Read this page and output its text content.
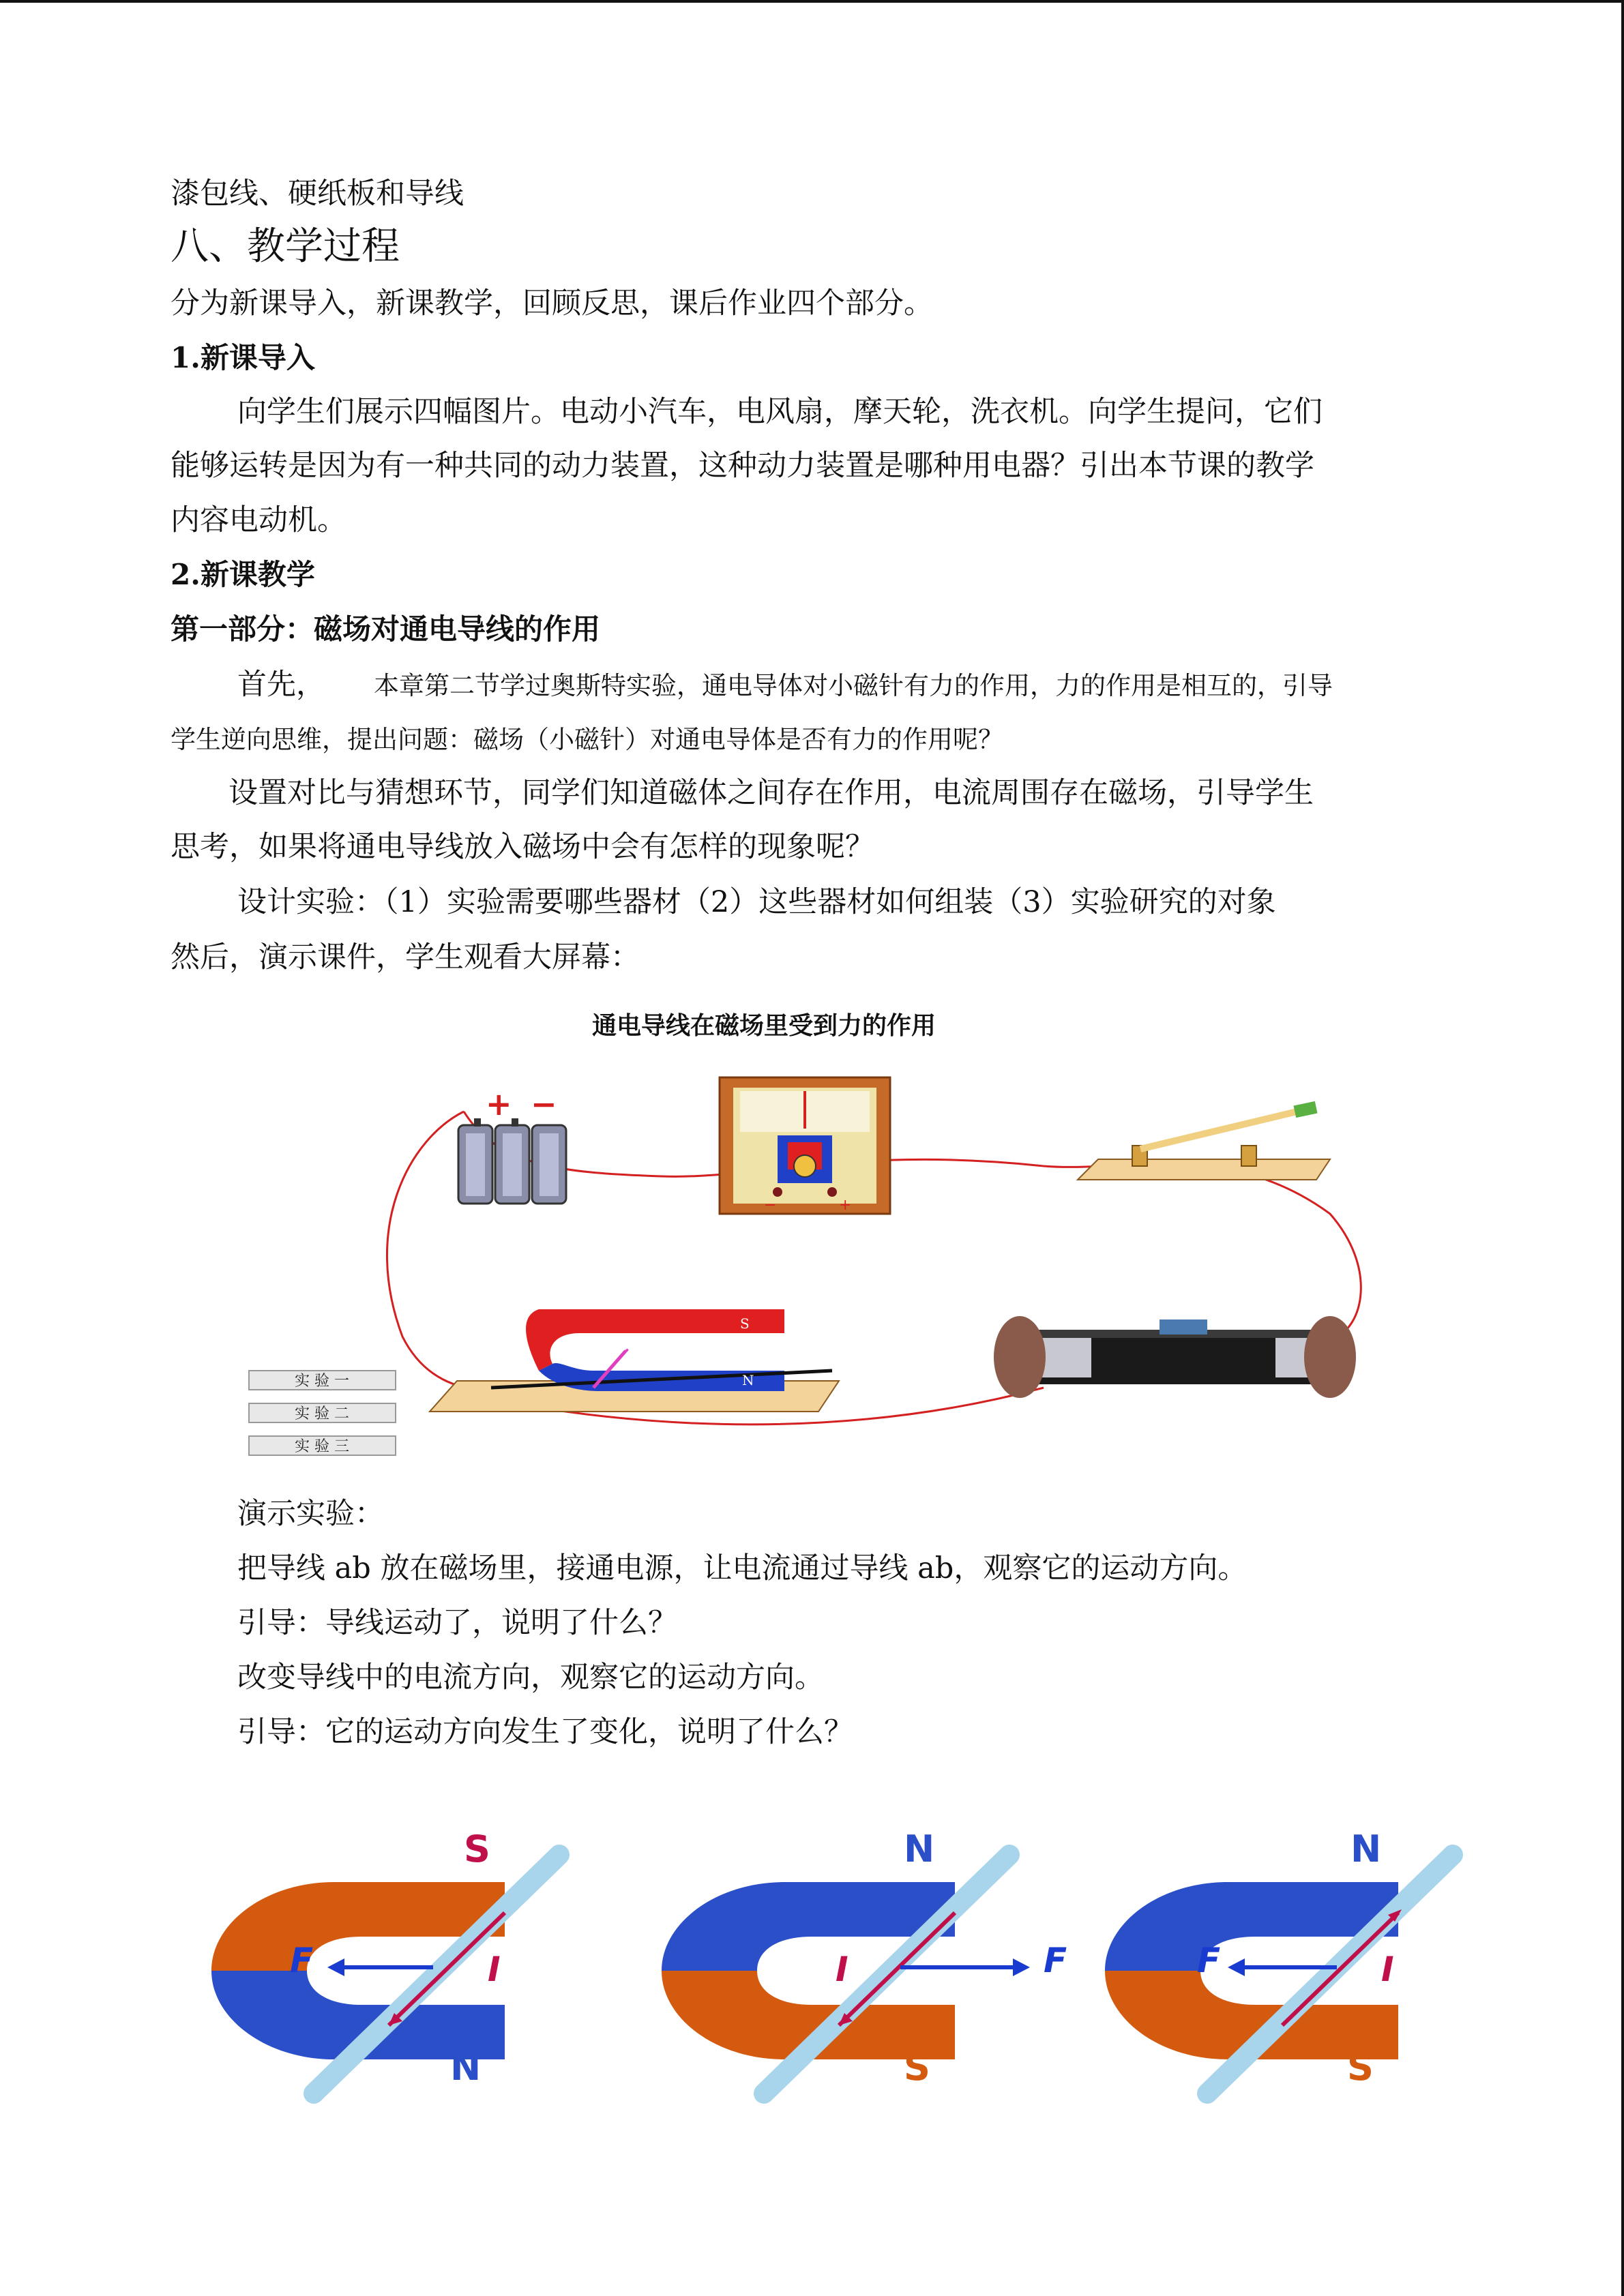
漆包线、硬纸板和导线
八、教学过程
分为新课导入，新课教学，回顾反思，课后作业四个部分。
1.新课导入
向学生们展示四幅图片。电动小汽车，电风扇，摩天轮，洗衣机。向学生提问，它们
能够运转是因为有一种共同的动力装置，这种动力装置是哪种用电器？引出本节课的教学
内容电动机。
2.新课教学
第一部分：磁场对通电导线的作用
首先， 本章第二节学过奥斯特实验，通电导体对小磁针有力的作用，力的作用是相互的，引导
学生逆向思维，提出问题：磁场（小磁针）对通电导体是否有力的作用呢？
设置对比与猜想环节，同学们知道磁体之间存在作用，电流周围存在磁场，引导学生
思考，如果将通电导线放入磁场中会有怎样的现象呢？
设计实验：（1）实验需要哪些器材（2）这些器材如何组装（3）实验研究的对象
然后，演示课件，学生观看大屏幕：
通电导线在磁场里受到力的作用
+ −
−	+
S
N
B
实 验 一
实 验 二
实 验 三
演示实验：
把导线 ab 放在磁场里，接通电源，让电流通过导线 ab，观察它的运动方向。
引导：导线运动了，说明了什么？
改变导线中的电流方向，观察它的运动方向。
引导：它的运动方向发生了变化，说明了什么？
S
N
F	I
N
S
F
I
N
S
F	I
